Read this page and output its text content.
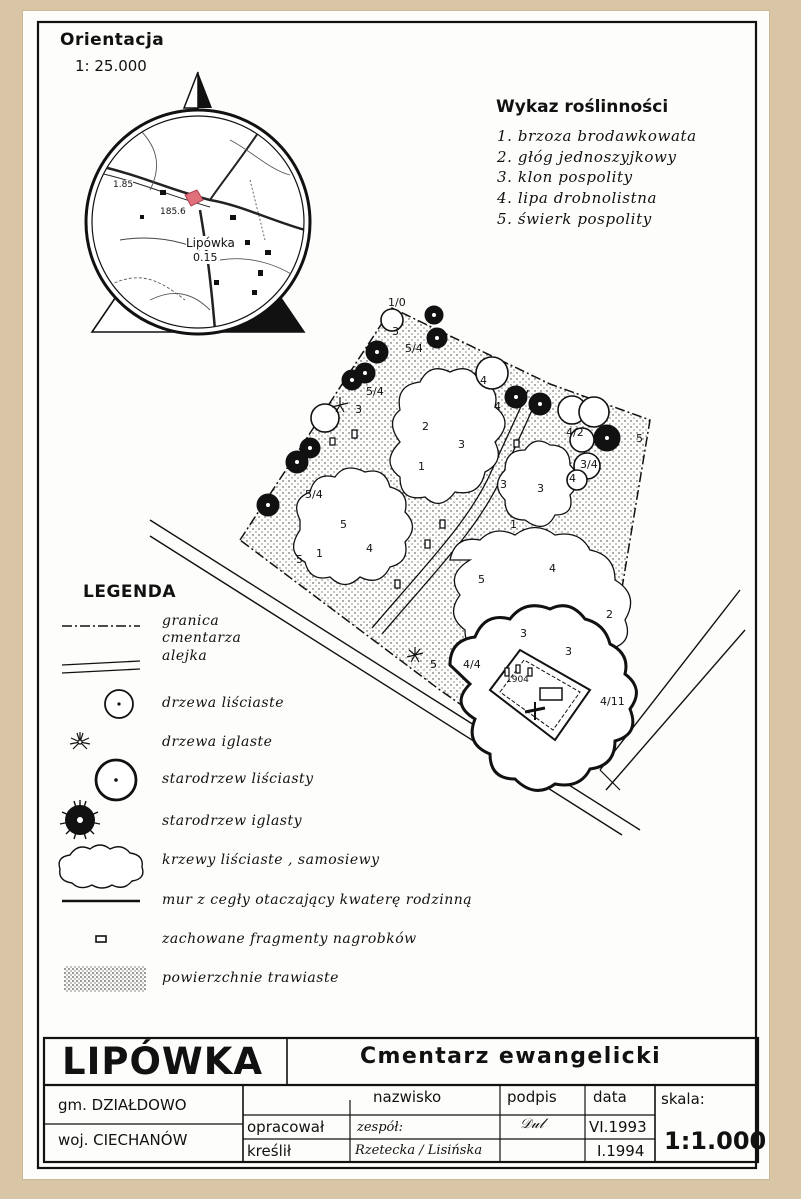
1/0
3
5/4
5/4
5/4
3
2
3
1
4
3
5
1	4
5
4
3
1
5
4
2
4/2	5
3/4
4
3
3
4/4
4/11
5
1904
Orientacja
1: 25.000
Lipówka
0.15
185.6
1.85
Wykaz roślinności
1. brzoza brodawkowata
2. głóg jednoszyjkowy
3. klon pospolity
4. lipa drobnolistna
5. świerk pospolity
LEGENDA
granica
cmentarza
alejka
drzewa liściaste
drzewa iglaste
starodrzew liściasty
starodrzew iglasty
krzewy liściaste , samosiewy
mur z cegły otaczający kwaterę rodzinną
zachowane fragmenty nagrobków
powierzchnie trawiaste
LIPÓWKA	Cmentarz ewangelicki
gm. DZIAŁDOWO
woj. CIECHANÓW
nazwisko	podpis data skala:
opracował	zespół:	𝒟𝓊𝓁	VI.1993
kreślił	Rzetecka / Lisińska	I.1994 1:1.000
